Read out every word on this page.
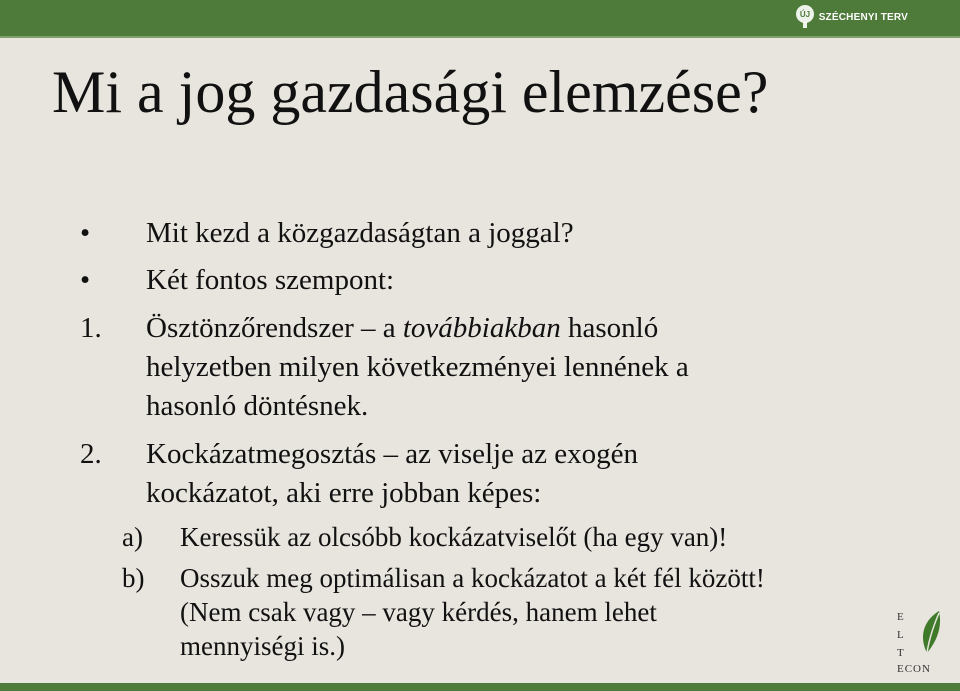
ÚJ SZÉCHENYI TERV
Mi a jog gazdasági elemzése?
• Mit kezd a közgazdaságtan a joggal?
• Két fontos szempont:
1. Ösztönzőrendszer – a továbbiakban hasonló
helyzetben milyen következményei lennének a
hasonló döntésnek.
2. Kockázatmegosztás – az viselje az exogén
kockázatot, aki erre jobban képes:
a) Keressük az olcsóbb kockázatviselőt (ha egy van)!
b) Osszuk meg optimálisan a kockázatot a két fél között!
(Nem csak vagy – vagy kérdés, hanem lehet
mennyiségi is.)
E
L
T
ECON
